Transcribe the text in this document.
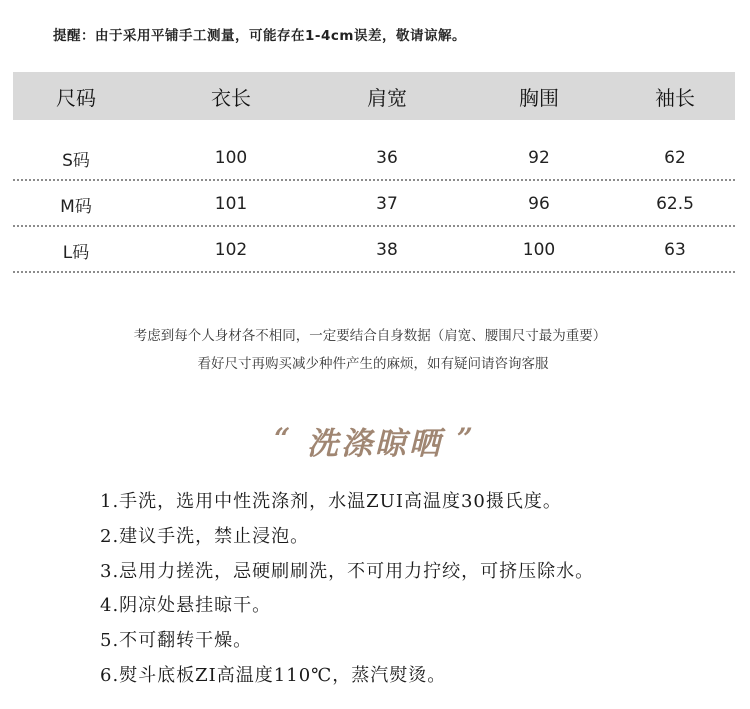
提醒：由于采用平铺手工测量，可能存在1-4cm误差，敬请谅解。
尺码	衣长	肩宽	胸围	袖长
S码	100	36	92	62
M码	101	37	96	62.5
L码	102	38	100	63
考虑到每个人身材各不相同，一定要结合自身数据（肩宽、腰围尺寸最为重要）
看好尺寸再购买减少种件产生的麻烦，如有疑问请咨询客服
“ 洗涤晾晒 ”
1.手洗，选用中性洗涤剂，水温ZUI高温度30摄氏度。
2.建议手洗，禁止浸泡。
3.忌用力搓洗，忌硬刷刷洗，不可用力拧绞，可挤压除水。
4.阴凉处悬挂晾干。
5.不可翻转干燥。
6.熨斗底板ZI高温度110℃，蒸汽熨烫。
